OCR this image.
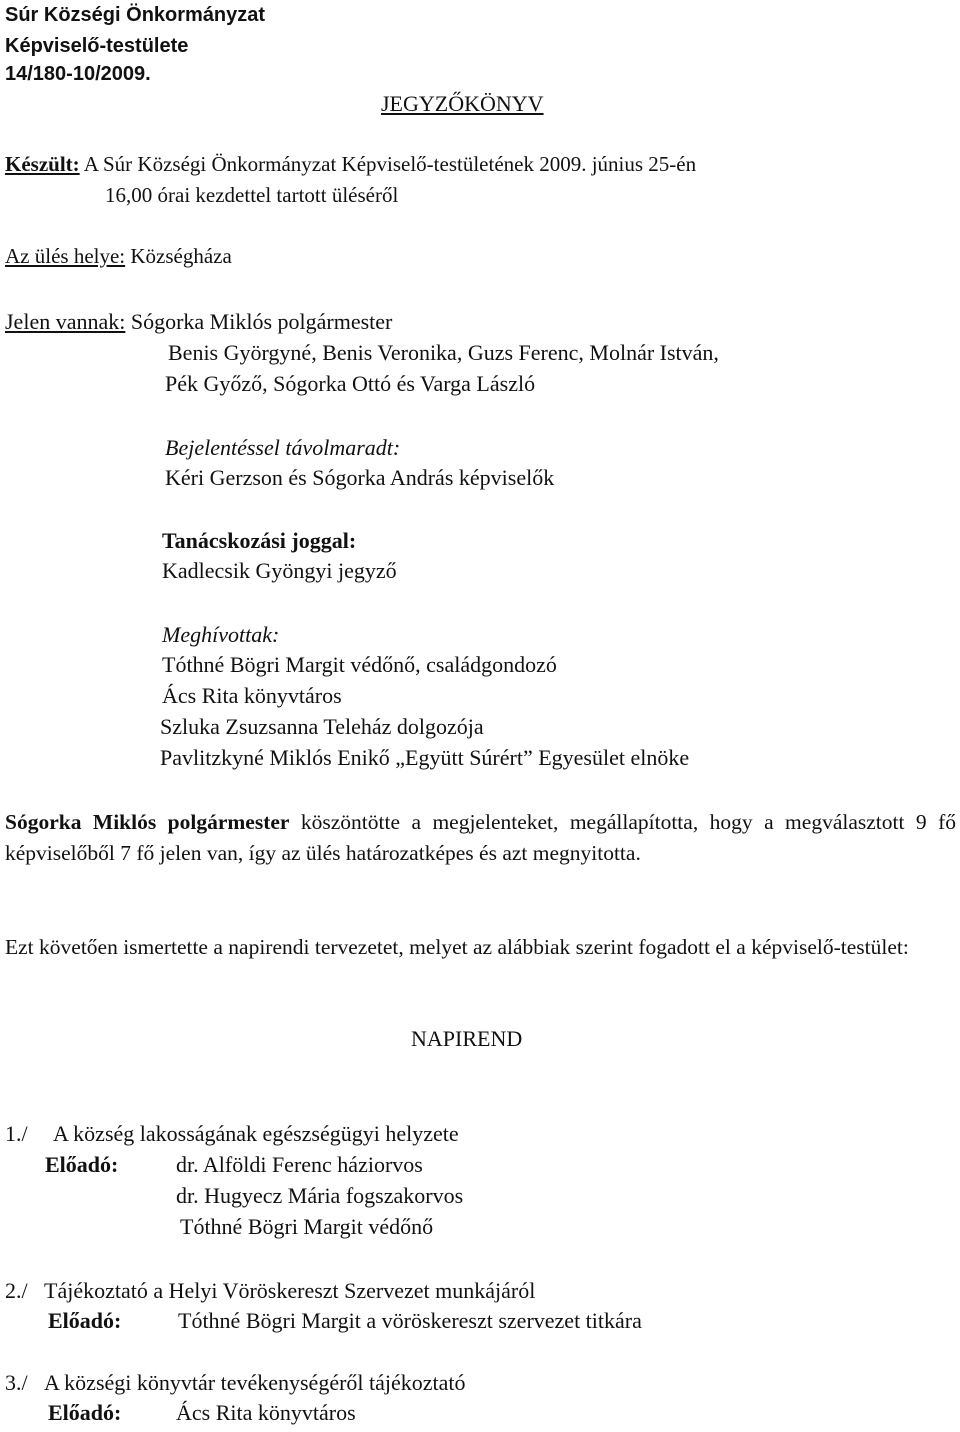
Súr Községi Önkormányzat
Képviselő-testülete
14/180-10/2009.
JEGYZŐKÖNYV
Készült: A Súr Községi Önkormányzat Képviselő-testületének 2009. június 25-én
16,00 órai kezdettel tartott üléséről
Az ülés helye: Községháza
Jelen vannak: Sógorka Miklós polgármester
Benis Györgyné, Benis Veronika, Guzs Ferenc, Molnár István,
Pék Győző, Sógorka Ottó és Varga László
Bejelentéssel távolmaradt:
Kéri Gerzson és Sógorka András képviselők
Tanácskozási joggal:
Kadlecsik Gyöngyi jegyző
Meghívottak:
Tóthné Bögri Margit védőnő, családgondozó
Ács Rita könyvtáros
Szluka Zsuzsanna Teleház dolgozója
Pavlitzkyné Miklós Enikő „Együtt Súrért” Egyesület elnöke
Sógorka Miklós polgármester köszöntötte a megjelenteket, megállapította, hogy a megválasztott 9 fő képviselőből 7 fő jelen van, így az ülés határozatképes és azt megnyitotta.
Ezt követően ismertette a napirendi tervezetet, melyet az alábbiak szerint fogadott el a képviselő-testület:
NAPIREND
1./ A község lakosságának egészségügyi helyzete
Előadó:	dr. Alföldi Ferenc háziorvos
dr. Hugyecz Mária fogszakorvos
Tóthné Bögri Margit védőnő
2./ Tájékoztató a Helyi Vöröskereszt Szervezet munkájáról
Előadó:	Tóthné Bögri Margit a vöröskereszt szervezet titkára
3./ A községi könyvtár tevékenységéről tájékoztató
Előadó: Ács Rita könyvtáros
